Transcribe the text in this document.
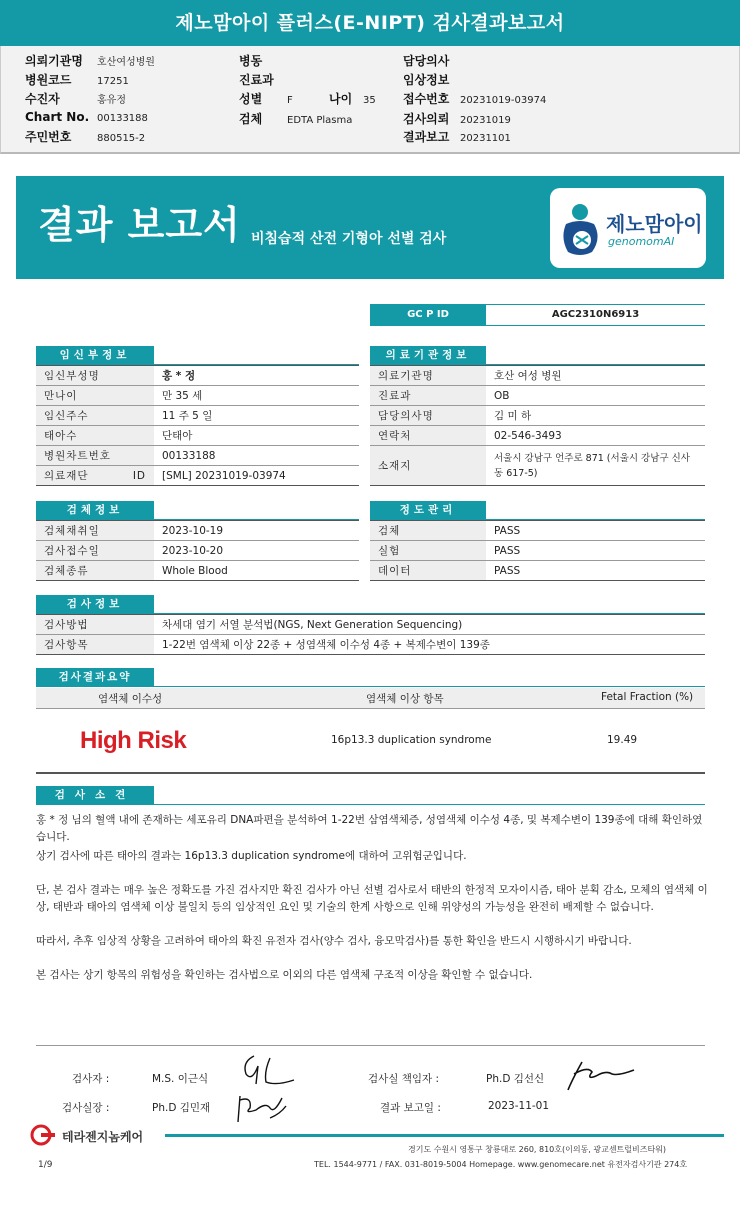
제노맘아이 플러스(E-NIPT) 검사결과보고서
의뢰기관명 호산여성병원
병원코드	17251
수진자	홍유정
Chart No. 00133188
주민번호	880515-2
병동
진료과
성별 F	나이 35
검체 EDTA Plasma
담당의사
임상정보
접수번호 20231019-03974
검사의뢰 20231019
결과보고 20231101
결과 보고서 비침습적 산전 기형아 선별 검사
제노맘아이
genomomAI
GC P ID	AGC2310N6913
임신부정보
임신부성명	홍 * 정
만나이	만 35 세
임신주수	11 주 5 일
태아수	단태아
병원차트번호	00133188
의료재단 ID	[SML] 20231019-03974
의료기관정보
의료기관명	호산 여성 병원
진료과	OB
담당의사명	김 미 하
연락처	02-546-3493
소재지	서울시 강남구 언주로 871 (서울시 강남구 신사동 617-5)
검체정보
검체채취일	2023-10-19
검사접수일	2023-10-20
검체종류	Whole Blood
정도관리
검체	PASS
실험	PASS
데이터	PASS
검사정보
검사방법	차세대 염기 서열 분석법(NGS, Next Generation Sequencing)
검사항목	1-22번 염색체 이상 22종 + 성염색체 이수성 4종 + 복제수변이 139종
검사결과요약
염색체 이수성	염색체 이상 항목	Fetal Fraction (%)
High Risk	16p13.3 duplication syndrome	19.49
검사소견

홍 * 정 님의 혈액 내에 존재하는 세포유리 DNA파편을 분석하여 1-22번 삼염색체증, 성염색체 이수성 4종, 및 복제수변이 139종에 대해 확인하였습니다.

상기 검사에 따른 태아의 결과는 16p13.3 duplication syndrome에 대하여 고위험군입니다.

단, 본 검사 결과는 매우 높은 정확도를 가진 검사지만 확진 검사가 아닌 선별 검사로서 태반의 한정적 모자이시즘, 태아 분획 감소, 모체의 염색체 이상, 태반과 태아의 염색체 이상 불일치 등의 임상적인 요인 및 기술의 한계 사항으로 인해 위양성의 가능성을 완전히 배제할 수 없습니다.

따라서, 추후 임상적 상황을 고려하여 태아의 확진 유전자 검사(양수 검사, 융모막검사)를 통한 확인을 반드시 시행하시기 바랍니다.

본 검사는 상기 항목의 위험성을 확인하는 검사법으로 이외의 다른 염색체 구조적 이상을 확인할 수 없습니다.

검사자 :	M.S. 이근식
검사실장 :	Ph.D 김민재
검사실 책임자 :	Ph.D 김선신
결과 보고일 :	2023-11-01
테라젠지놈케어
경기도 수원시 영통구 창룡대로 260, 810호(이의동, 광교센트럴비즈타워)
TEL. 1544-9771 / FAX. 031-8019-5004 Homepage. www.genomecare.net 유전자검사기관 274호
1/9
